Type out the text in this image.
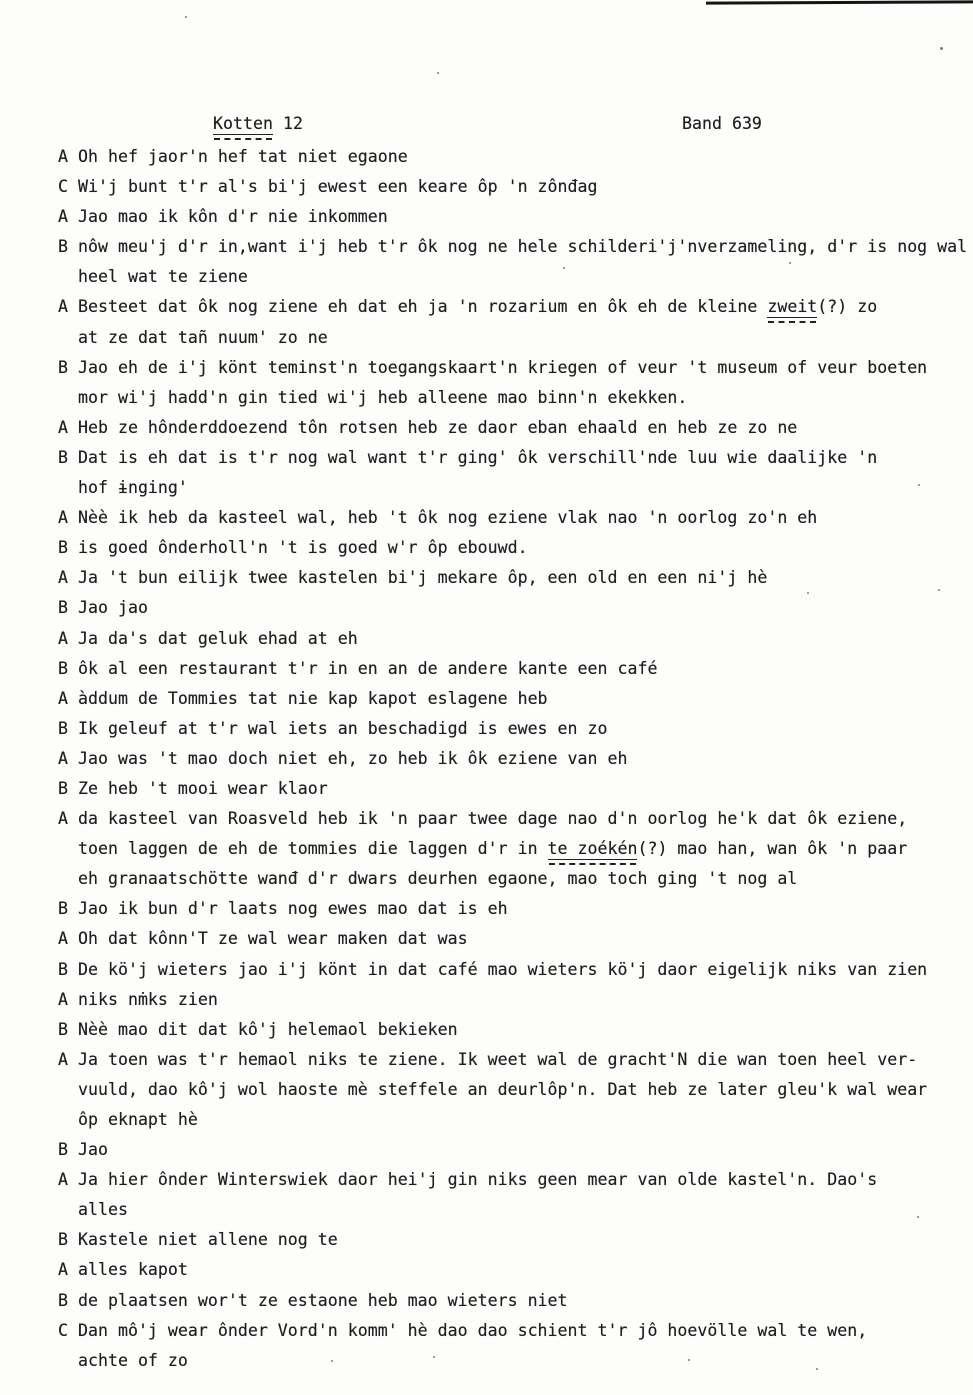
Kotten 12	Band 639
A Oh hef jaor'n hef tat niet egaone
C Wi'j bunt t'r al's bi'j ewest een keare ôp 'n zônđag
A Jao mao ik kôn d'r nie inkommen
B nôw meu'j d'r in,want i'j heb t'r ôk nog ne hele schilderi'j'nverzameling, d'r is nog wal
heel wat te ziene
A Besteet dat ôk nog ziene eh dat eh ja 'n rozarium en ôk eh de kleine zweit(?) zo
at ze dat tañ nuum' zo ne
B Jao eh de i'j könt teminst'n toegangskaart'n kriegen of veur 't museum of veur boeten
mor wi'j hadd'n gin tied wi'j heb alleene mao binn'n ekekken.
A Heb ze hônderddoezend tôn rotsen heb ze daor eban ehaald en heb ze zo ne
B Dat is eh dat is t'r nog wal want t'r ging' ôk verschill'nde luu wie daalijke 'n
hof ɨnging'
A Nèè ik heb da kasteel wal, heb 't ôk nog eziene vlak nao 'n oorlog zo'n eh
B is goed ônderholl'n 't is goed w'r ôp ebouwd.
A Ja 't bun eilijk twee kastelen bi'j mekare ôp, een old en een ni'j hè
B Jao jao
A Ja da's dat geluk ehad at eh
B ôk al een restaurant t'r in en an de andere kante een café
A àddum de Tommies tat nie kap kapot eslagene heb
B Ik geleuf at t'r wal iets an beschadigd is ewes en zo
A Jao was 't mao doch niet eh, zo heb ik ôk eziene van eh
B Ze heb 't mooi wear klaor
A da kasteel van Roasveld heb ik 'n paar twee dage nao d'n oorlog he'k dat ôk eziene,
toen laggen de eh de tommies die laggen d'r in te zoékén(?) mao han, wan ôk 'n paar
eh granaatschötte wanđ d'r dwars deurhen egaone, mao toch ging 't nog al
B Jao ik bun d'r laats nog ewes mao dat is eh
A Oh dat kônn'T ze wal wear maken dat was
B De kö'j wieters jao i'j könt in dat café mao wieters kö'j daor eigelijk niks van zien
A niks nṁks zien
B Nèè mao dit dat kô'j helemaol bekieken
A Ja toen was t'r hemaol niks te ziene. Ik weet wal de gracht'N die wan toen heel ver-
vuuld, dao kô'j wol haoste mè steffele an deurlôp'n. Dat heb ze later gleu'k wal wear
ôp eknapt hè
B Jao
A Ja hier ônder Winterswiek daor hei'j gin niks geen mear van olde kastel'n. Dao's
alles
B Kastele niet allene nog te
A alles kapot
B de plaatsen wor't ze estaone heb mao wieters niet
C Dan mô'j wear ônder Vord'n komm' hè dao dao schient t'r jô hoevölle wal te wen,
achte of zo
